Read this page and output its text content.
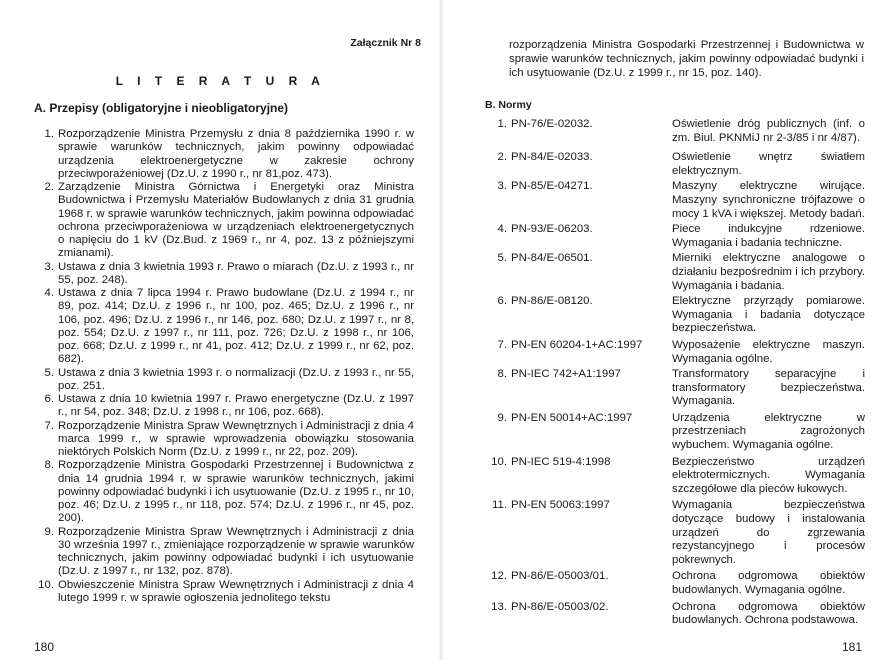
Załącznik Nr 8
L I T E R A T U R A
A. Przepisy (obligatoryjne i nieobligatoryjne)
1. Rozporządzenie Ministra Przemysłu z dnia 8 października 1990 r. w sprawie warunków technicznych, jakim powinny odpowiadać urządzenia elektroenergetyczne w zakresie ochrony przeciwporażeniowej (Dz.U. z 1990 r., nr 81,poz. 473).
2. Zarządzenie Ministra Górnictwa i Energetyki oraz Ministra Budownictwa i Przemysłu Materiałów Budowlanych z dnia 31 grudnia 1968 r. w sprawie warunków technicznych, jakim powinna odpowiadać ochrona przeciwporażeniowa w urządzeniach elektroenergetycznych o napięciu do 1 kV (Dz.Bud. z 1969 r., nr 4, poz. 13 z późniejszymi zmianami).
3. Ustawa z dnia 3 kwietnia 1993 r. Prawo o miarach (Dz.U. z 1993 r., nr 55, poz. 248).
4. Ustawa z dnia 7 lipca 1994 r. Prawo budowlane (Dz.U. z 1994 r., nr 89, poz. 414; Dz.U. z 1996 r., nr 100, poz. 465; Dz.U. z 1996 r., nr 106, poz. 496; Dz.U. z 1996 r., nr 146, poz. 680; Dz.U. z 1997 r., nr 8, poz. 554; Dz.U. z 1997 r., nr 111, poz. 726; Dz.U. z 1998 r., nr 106, poz. 668; Dz.U. z 1999 r., nr 41, poz. 412; Dz.U. z 1999 r., nr 62, poz. 682).
5. Ustawa z dnia 3 kwietnia 1993 r. o normalizacji (Dz.U. z 1993 r., nr 55, poz. 251.
6. Ustawa z dnia 10 kwietnia 1997 r. Prawo energetyczne (Dz.U. z 1997 r., nr 54, poz. 348; Dz.U. z 1998 r., nr 106, poz. 668).
7. Rozporządzenie Ministra Spraw Wewnętrznych i Administracji z dnia 4 marca 1999 r., w sprawie wprowadzenia obowiązku stosowania niektórych Polskich Norm (Dz.U. z 1999 r., nr 22, poz. 209).
8. Rozporządzenie Ministra Gospodarki Przestrzennej i Budownictwa z dnia 14 grudnia 1994 r. w sprawie warunków technicznych, jakimi powinny odpowiadać budynki i ich usytuowanie (Dz.U. z 1995 r., nr 10, poz. 46; Dz.U. z 1995 r., nr 118, poz. 574; Dz.U. z 1996 r., nr 45, poz. 200).
9. Rozporządzenie Ministra Spraw Wewnętrznych i Administracji z dnia 30 września 1997 r., zmieniające rozporządzenie w sprawie warunków technicznych, jakim powinny odpowiadać budynki i ich usytuowanie (Dz.U. z 1997 r., nr 132, poz. 878).
10. Obwieszczenie Ministra Spraw Wewnętrznych i Administracji z dnia 4 lutego 1999 r. w sprawie ogłoszenia jednolitego tekstu
180

rozporządzenia Ministra Gospodarki Przestrzennej i Budownictwa w sprawie warunków technicznych, jakim powinny odpowiadać budynki i ich usytuowanie (Dz.U. z 1999 r., nr 15, poz. 140).

B. Normy
1. PN-76/E-02032.	Oświetlenie dróg publicznych (inf. o zm. Biul. PKNMiJ nr 2-3/85 i nr 4/87).
2. PN-84/E-02033.	Oświetlenie wnętrz światłem elektrycznym.
3. PN-85/E-04271.	Maszyny elektryczne wirujące. Maszyny synchroniczne trójfazowe o mocy 1 kVA i większej. Metody badań.
4. PN-93/E-06203.	Piece indukcyjne rdzeniowe. Wymagania i badania techniczne.
5. PN-84/E-06501.	Mierniki elektryczne analogowe o działaniu bezpośrednim i ich przybory. Wymagania i badania.
6. PN-86/E-08120.	Elektryczne przyrządy pomiarowe. Wymagania i badania dotyczące bezpieczeństwa.
7. PN-EN 60204-1+AC:1997	Wyposażenie elektryczne maszyn. Wymagania ogólne.
8. PN-IEC 742+A1:1997	Transformatory separacyjne i transformatory bezpieczeństwa. Wymagania.
9. PN-EN 50014+AC:1997	Urządzenia elektryczne w przestrzeniach zagrożonych wybuchem. Wymagania ogólne.
10. PN-IEC 519-4:1998	Bezpieczeństwo urządzeń elektrotermicznych. Wymagania szczegółowe dla pieców łukowych.
11. PN-EN 50063:1997	Wymagania bezpieczeństwa dotyczące budowy i instalowania urządzeń do zgrzewania rezystancyjnego i procesów pokrewnych.
12. PN-86/E-05003/01.	Ochrona odgromowa obiektów budowlanych. Wymagania ogólne.
13. PN-86/E-05003/02.	Ochrona odgromowa obiektów budowlanych. Ochrona podstawowa.
181
